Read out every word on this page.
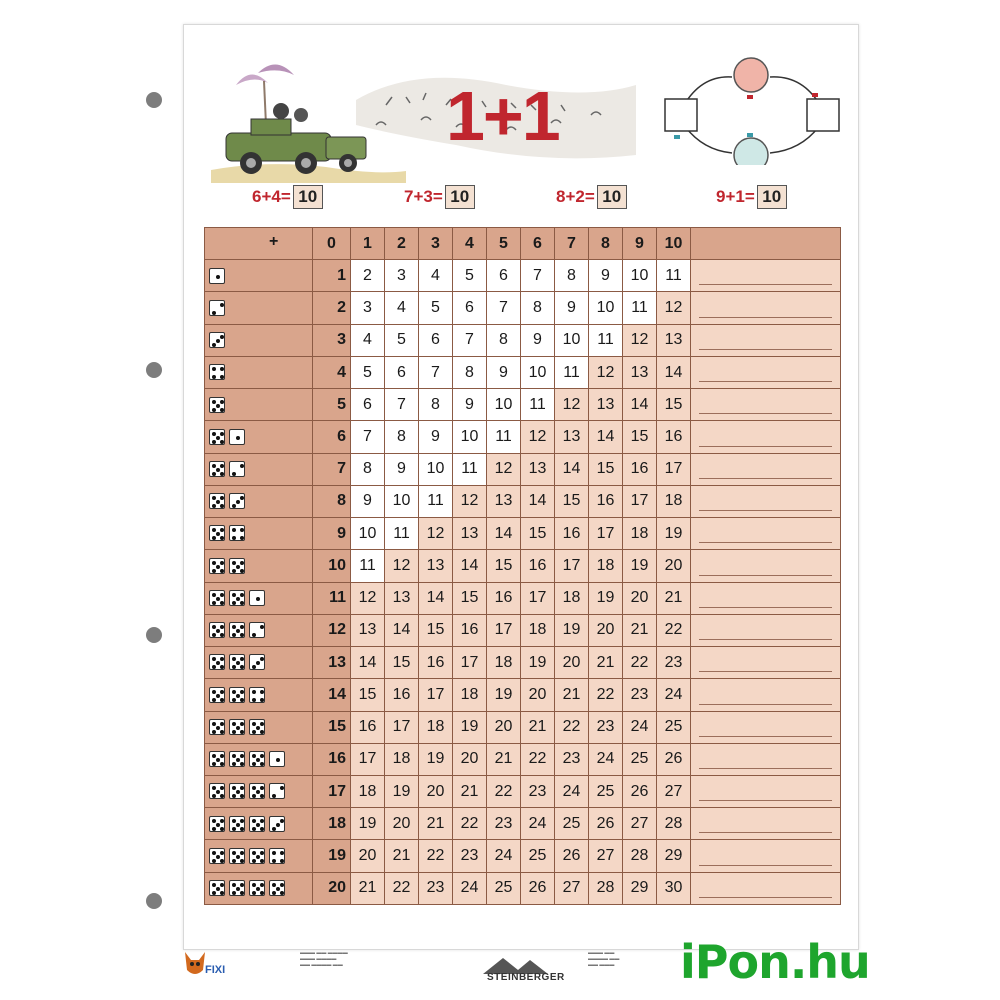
1+1
6+4= 10	7+3= 10	8+2= 10	9+1= 10
+	0	1	2	3	4	5	6	7	8	9	10	

	1	2	3	4	5	6	7	8	9	10	11	

	2	3	4	5	6	7	8	9	10	11	12	

	3	4	5	6	7	8	9	10	11	12	13	

	4	5	6	7	8	9	10	11	12	13	14	

	5	6	7	8	9	10	11	12	13	14	15	

	6	7	8	9	10	11	12	13	14	15	16	

	7	8	9	10	11	12	13	14	15	16	17	

	8	9	10	11	12	13	14	15	16	17	18	

	9	10	11	12	13	14	15	16	17	18	19	

	10	11	12	13	14	15	16	17	18	19	20	

	11	12	13	14	15	16	17	18	19	20	21	

	12	13	14	15	16	17	18	19	20	21	22	

	13	14	15	16	17	18	19	20	21	22	23	

	14	15	16	17	18	19	20	21	22	23	24	

	15	16	17	18	19	20	21	22	23	24	25	

	16	17	18	19	20	21	22	23	24	25	26	

	17	18	19	20	21	22	23	24	25	26	27	

	18	19	20	21	22	23	24	25	26	27	28	

	19	20	21	22	23	24	25	26	27	28	29	

	20	21	22	23	24	25	26	27	28	29	30	
▬▬▬ ▬▬ ▬▬▬▬
▬▬▬ ▬▬▬▬
▬▬ ▬▬▬▬ ▬▬
▬▬▬ ▬▬
▬▬▬▬ ▬▬
▬▬ ▬▬▬
FIXI
STEINBERGER	iPon.hu
